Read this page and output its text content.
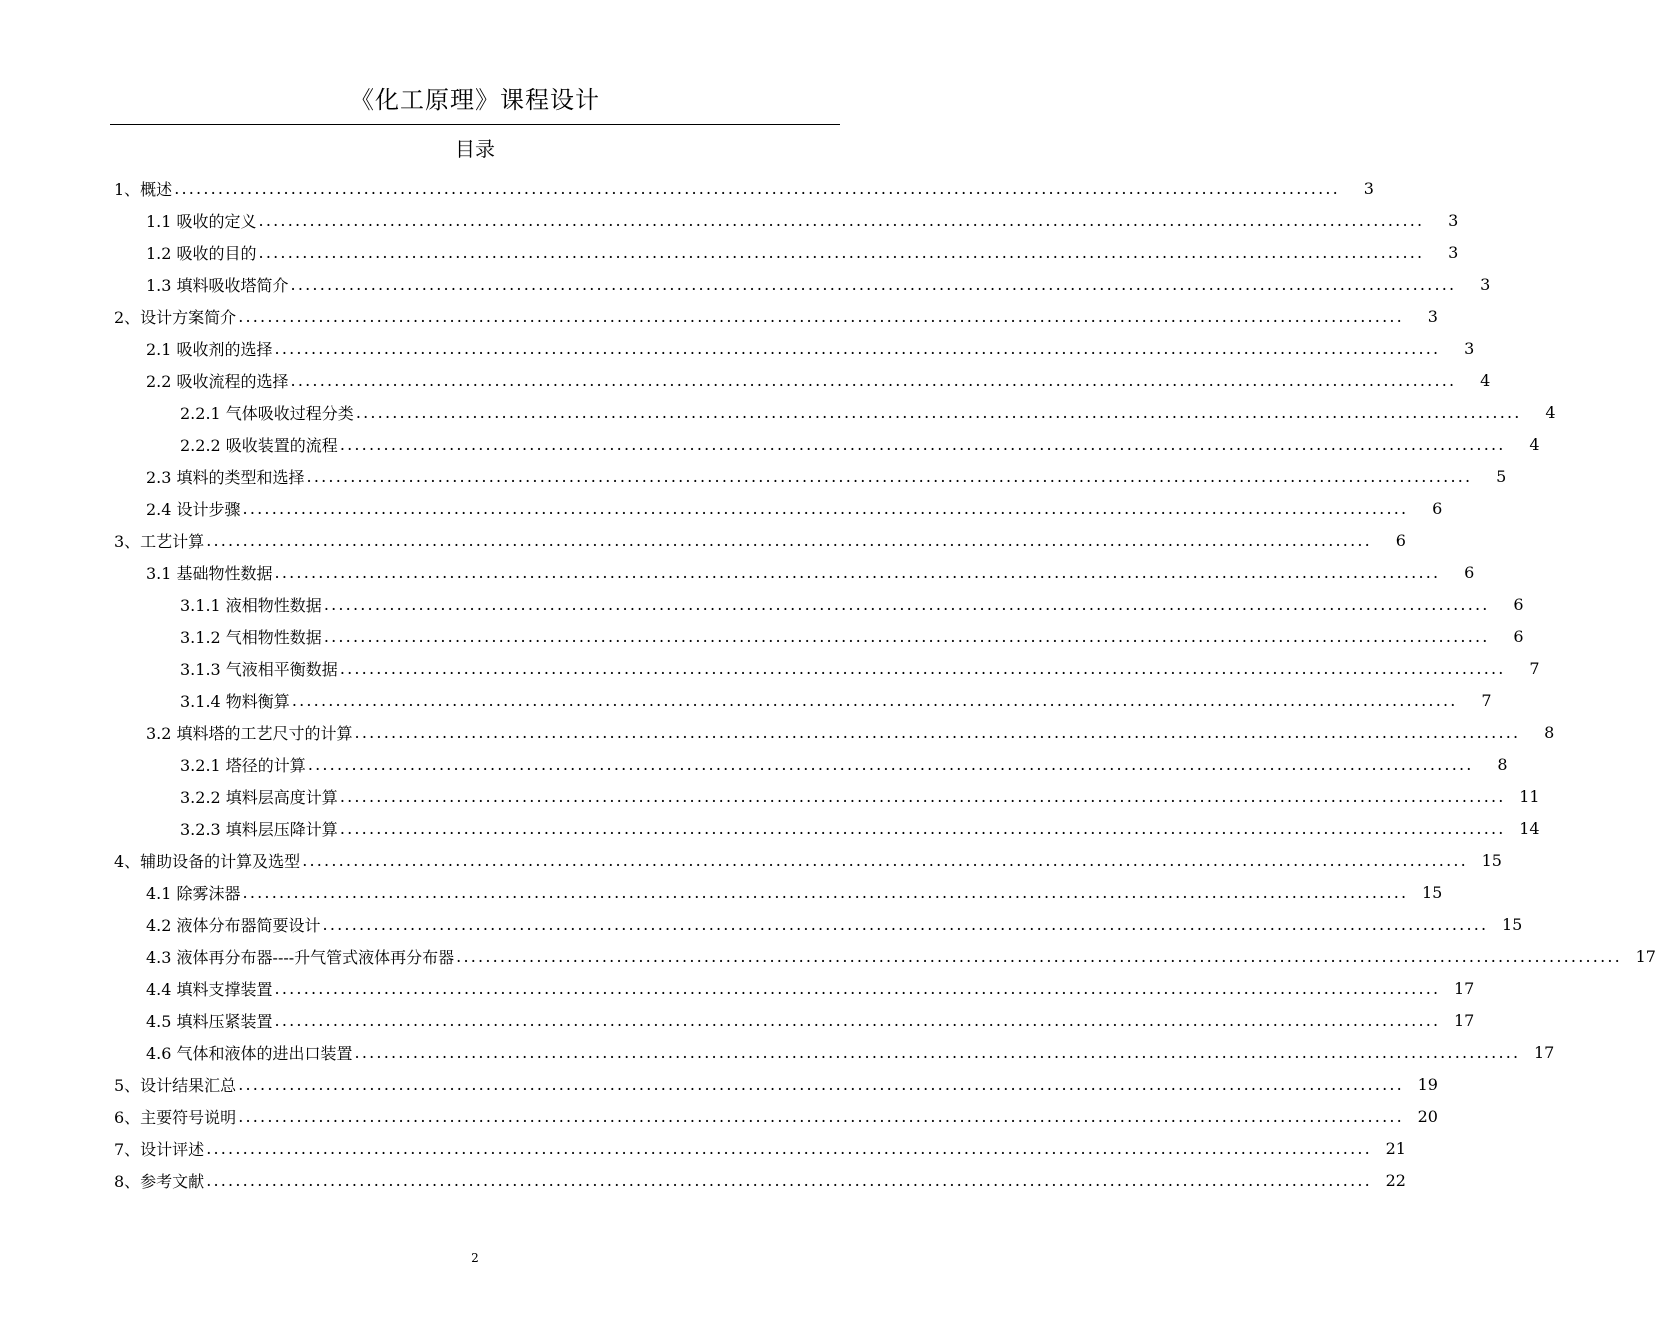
《化工原理》课程设计
目录
1、概述 ................................................................................................................................................................	3
1.1 吸收的定义 ................................................................................................................................................................	3
1.2 吸收的目的 ................................................................................................................................................................	3
1.3 填料吸收塔简介 ................................................................................................................................................................	3
2、设计方案简介 ................................................................................................................................................................	3
2.1 吸收剂的选择 ................................................................................................................................................................	3
2.2 吸收流程的选择 ................................................................................................................................................................	4
2.2.1 气体吸收过程分类 ................................................................................................................................................................	4
2.2.2 吸收装置的流程 ................................................................................................................................................................	4
2.3 填料的类型和选择 ................................................................................................................................................................	5
2.4 设计步骤 ................................................................................................................................................................	6
3、工艺计算 ................................................................................................................................................................	6
3.1 基础物性数据 ................................................................................................................................................................	6
3.1.1 液相物性数据 ................................................................................................................................................................	6
3.1.2 气相物性数据 ................................................................................................................................................................	6
3.1.3 气液相平衡数据 ................................................................................................................................................................	7
3.1.4 物料衡算 ................................................................................................................................................................	7
3.2 填料塔的工艺尺寸的计算 ................................................................................................................................................................	8
3.2.1 塔径的计算 ................................................................................................................................................................	8
3.2.2 填料层高度计算 ................................................................................................................................................................ 11
3.2.3 填料层压降计算 ................................................................................................................................................................ 14
4、辅助设备的计算及选型 ................................................................................................................................................................ 15
4.1 除雾沫器 ................................................................................................................................................................ 15
4.2 液体分布器简要设计 ................................................................................................................................................................ 15
4.3 液体再分布器----升气管式液体再分布器 ................................................................................................................................................................ 17
4.4 填料支撑装置 ................................................................................................................................................................ 17
4.5 填料压紧装置 ................................................................................................................................................................ 17
4.6 气体和液体的进出口装置 ................................................................................................................................................................ 17
5、设计结果汇总 ................................................................................................................................................................ 19
6、主要符号说明 ................................................................................................................................................................ 20
7、设计评述 ................................................................................................................................................................ 21
8、参考文献 ................................................................................................................................................................ 22
2
